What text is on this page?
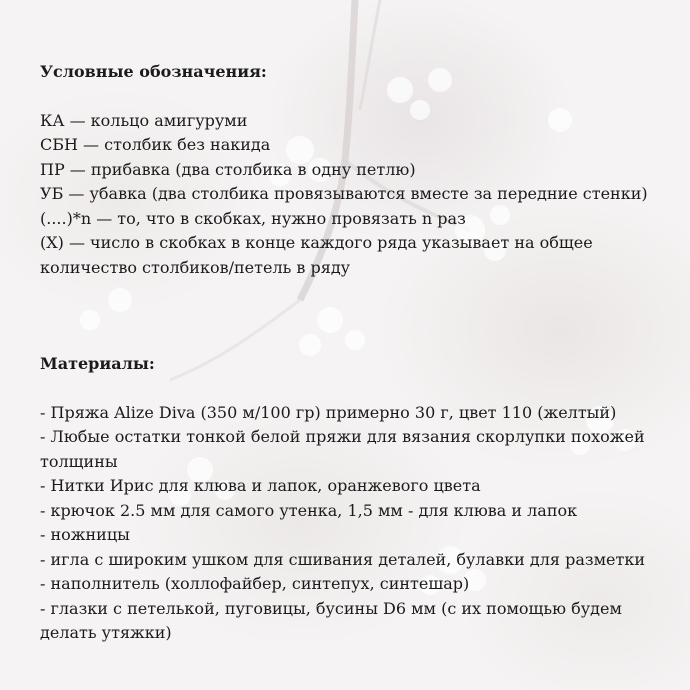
Условные обозначения:

КА — кольцо амигуруми

СБН — столбик без накида

ПР — прибавка (два столбика в одну петлю)

УБ — убавка (два столбика провязываются вместе за передние стенки)

(....)*n — то, что в скобках, нужно провязать n раз

(X) — число в скобках в конце каждого ряда указывает на общее

количество столбиков/петель в ряду

Материалы:

- Пряжа Alize Diva (350 м/100 гр) примерно 30 г, цвет 110 (желтый)

- Любые остатки тонкой белой пряжи для вязания скорлупки похожей

толщины

- Нитки Ирис для клюва и лапок, оранжевого цвета

- крючок 2.5 мм для самого утенка, 1,5 мм - для клюва и лапок

- ножницы

- игла с широким ушком для сшивания деталей, булавки для разметки

- наполнитель (холлофайбер, синтепух, синтешар)

- глазки с петелькой, пуговицы, бусины D6 мм (с их помощью будем

делать утяжки)
